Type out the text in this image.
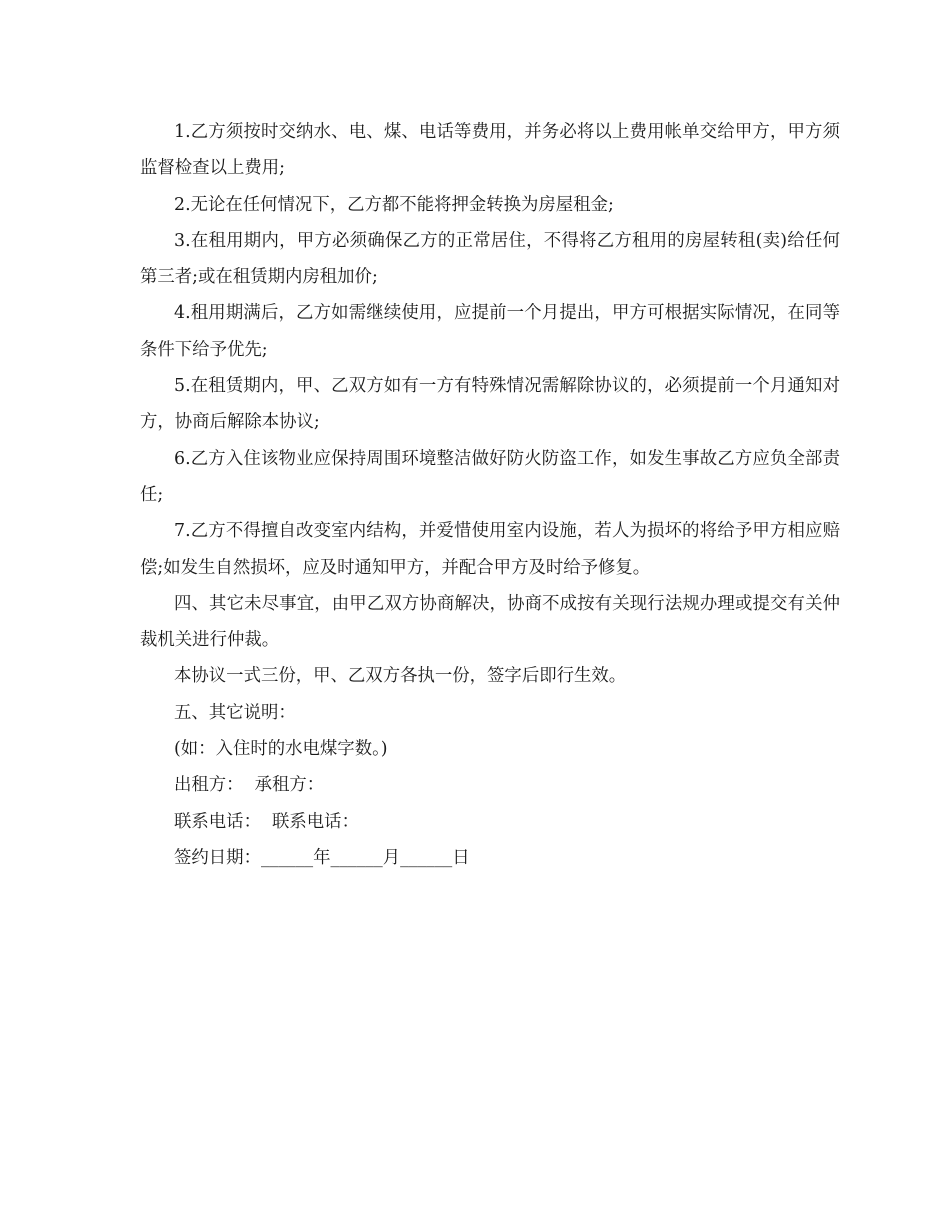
1.乙方须按时交纳水、电、煤、电话等费用，并务必将以上费用帐单交给甲方，甲方须监督检查以上费用;

2.无论在任何情况下，乙方都不能将押金转换为房屋租金;

3.在租用期内，甲方必须确保乙方的正常居住，不得将乙方租用的房屋转租(卖)给任何第三者;或在租赁期内房租加价;

4.租用期满后，乙方如需继续使用，应提前一个月提出，甲方可根据实际情况，在同等条件下给予优先;

5.在租赁期内，甲、乙双方如有一方有特殊情况需解除协议的，必须提前一个月通知对方，协商后解除本协议;

6.乙方入住该物业应保持周围环境整洁做好防火防盗工作，如发生事故乙方应负全部责任;

7.乙方不得擅自改变室内结构，并爱惜使用室内设施，若人为损坏的将给予甲方相应赔偿;如发生自然损坏，应及时通知甲方，并配合甲方及时给予修复。

四、其它未尽事宜，由甲乙双方协商解决，协商不成按有关现行法规办理或提交有关仲裁机关进行仲裁。

本协议一式三份，甲、乙双方各执一份，签字后即行生效。

五、其它说明：

(如：入住时的水电煤字数。)

出租方：  承租方：

联系电话：  联系电话：

签约日期：______年______月______日
